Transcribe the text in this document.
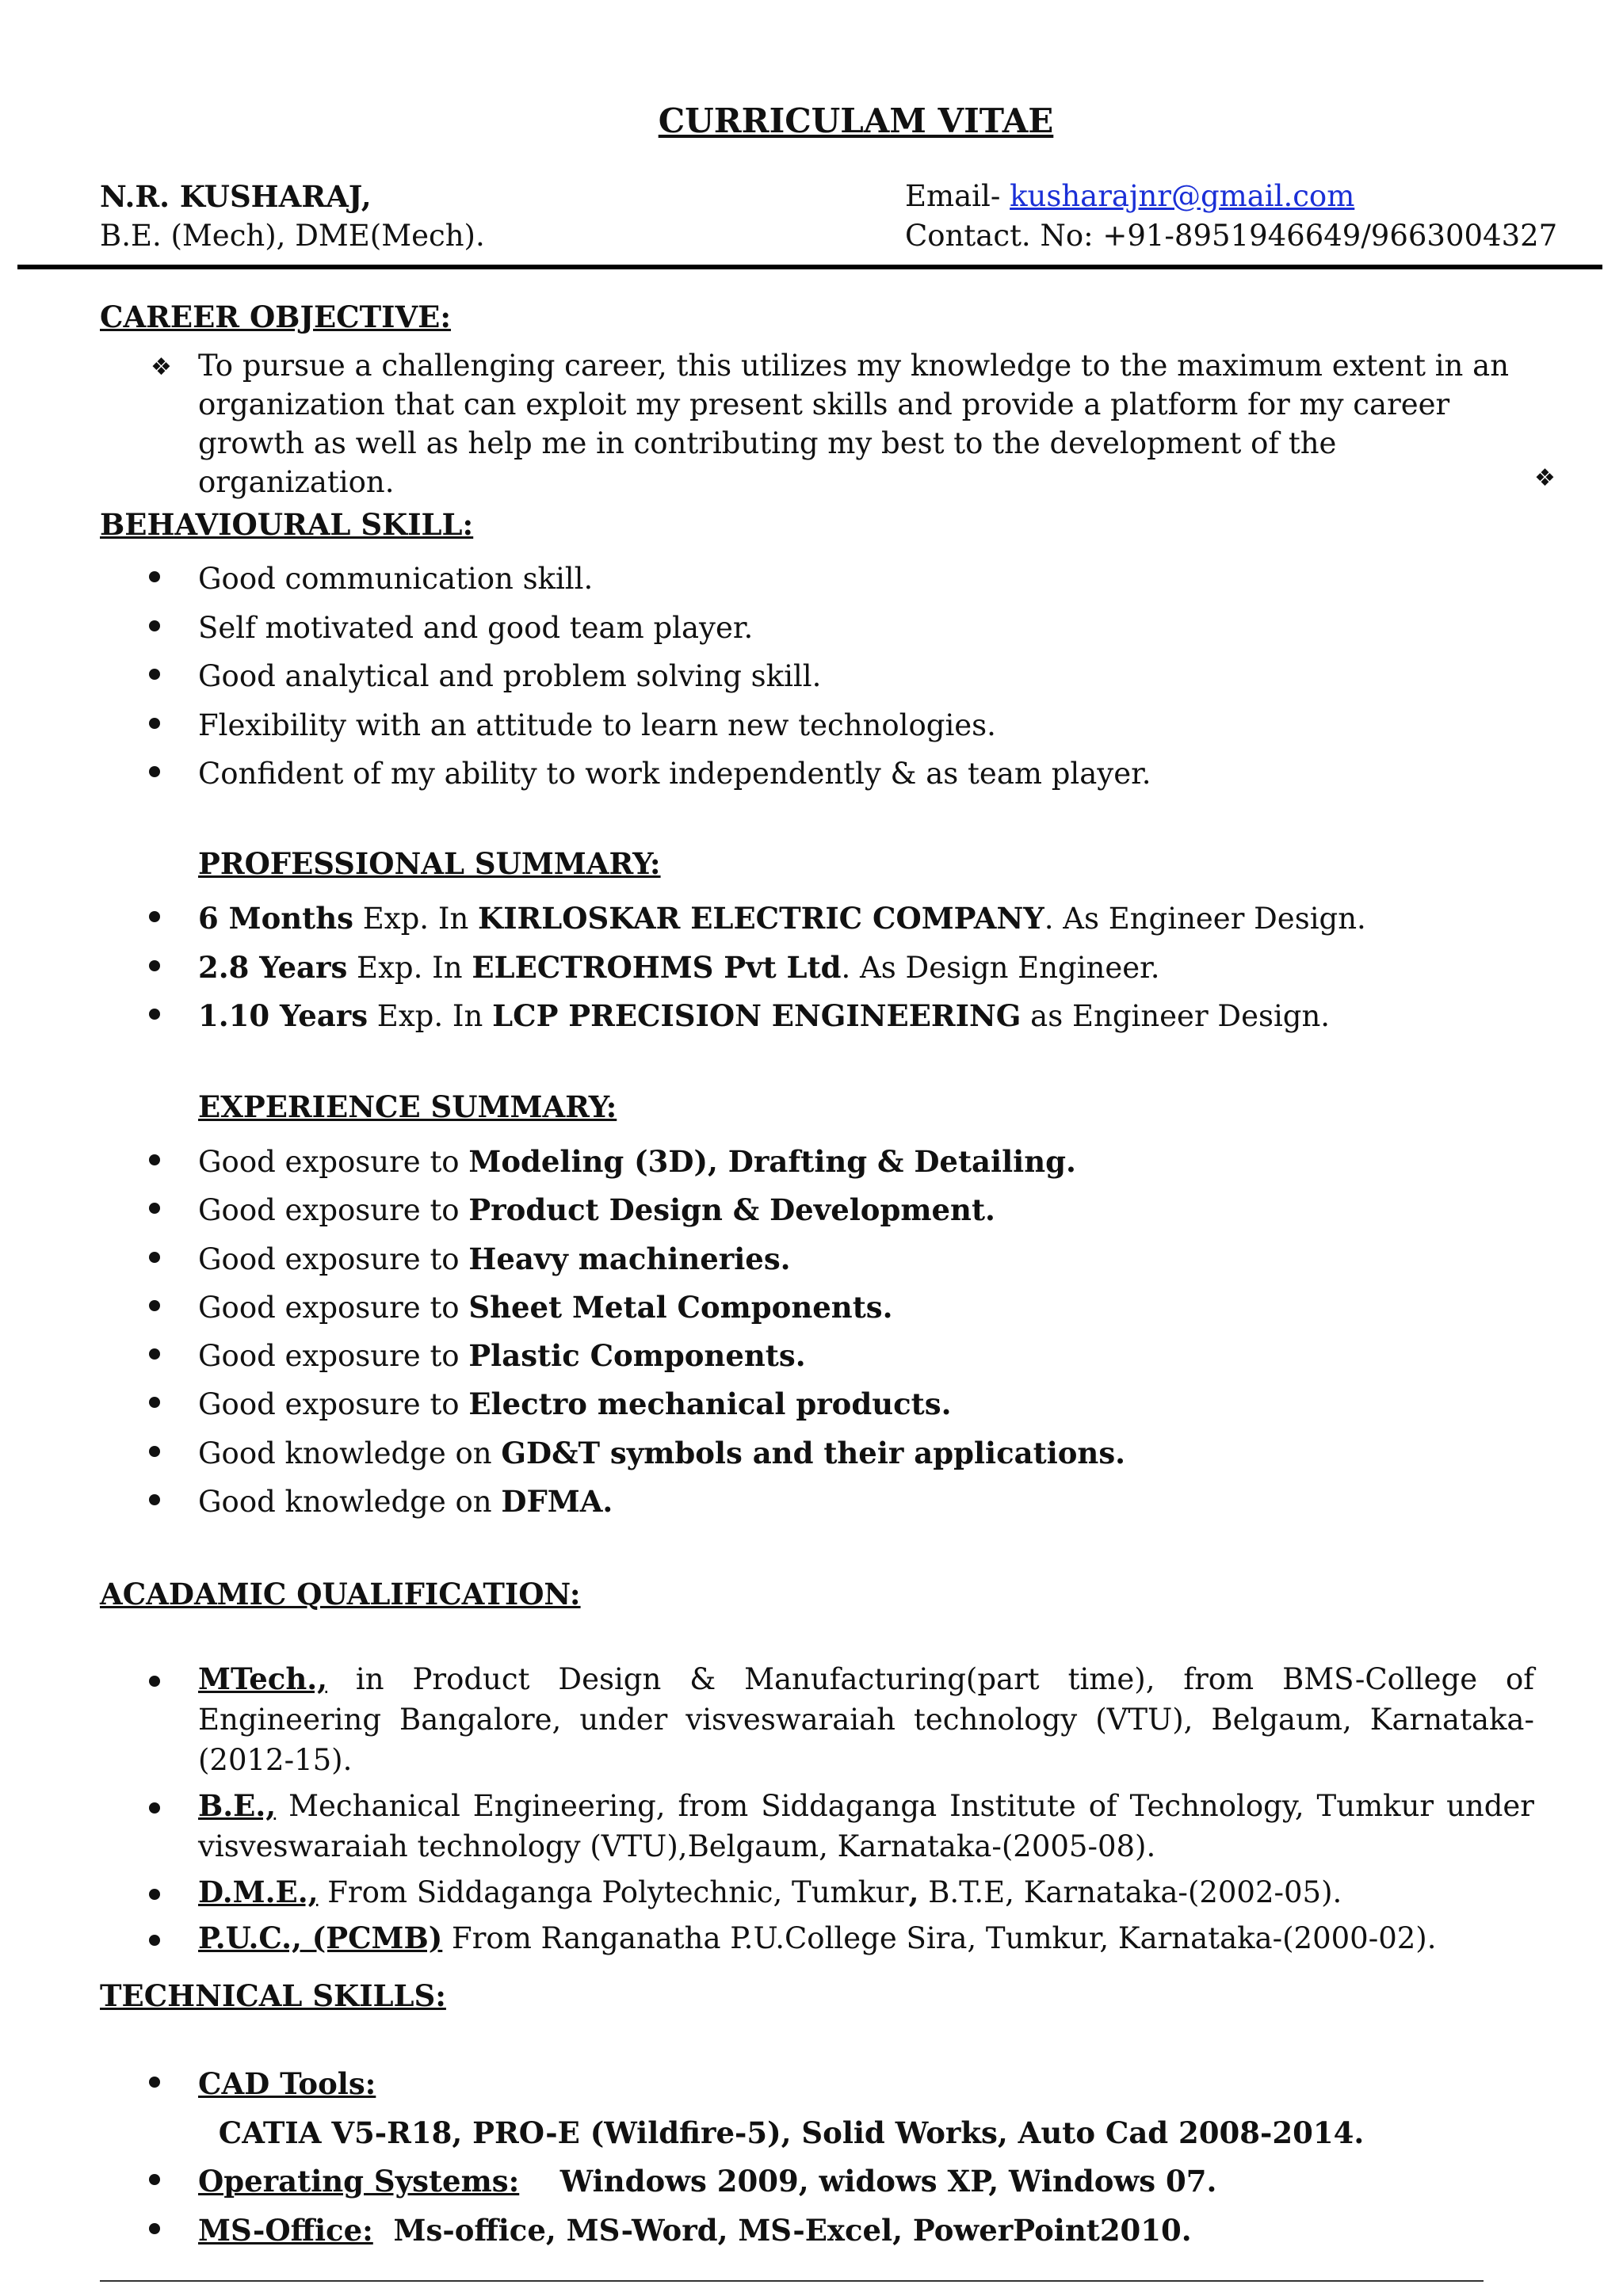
CURRICULAM VITAE
N.R. KUSHARAJ,
B.E. (Mech), DME(Mech).
Email- kusharajnr@gmail.com
Contact. No: +91-8951946649/9663004327
CAREER OBJECTIVE:
❖ To pursue a challenging career, this utilizes my knowledge to the maximum extent in an organization that can exploit my present skills and provide a platform for my career growth as well as help me in contributing my best to the development of the organization.	❖
BEHAVIOURAL SKILL:
Good communication skill.
Self motivated and good team player.
Good analytical and problem solving skill.
Flexibility with an attitude to learn new technologies.
Confident of my ability to work independently & as team player.
PROFESSIONAL SUMMARY:
6 Months Exp. In KIRLOSKAR ELECTRIC COMPANY. As Engineer Design.
2.8 Years Exp. In ELECTROHMS Pvt Ltd. As Design Engineer.
1.10 Years Exp. In LCP PRECISION ENGINEERING as Engineer Design.
EXPERIENCE SUMMARY:
Good exposure to Modeling (3D), Drafting & Detailing.
Good exposure to Product Design & Development.
Good exposure to Heavy machineries.
Good exposure to Sheet Metal Components.
Good exposure to Plastic Components.
Good exposure to Electro mechanical products.
Good knowledge on GD&T symbols and their applications.
Good knowledge on DFMA.
ACADAMIC QUALIFICATION:
MTech., in Product Design & Manufacturing(part time), from BMS-College of Engineering Bangalore, under visveswaraiah technology (VTU), Belgaum, Karnataka- (2012-15).
B.E., Mechanical Engineering, from Siddaganga Institute of Technology, Tumkur under visveswaraiah technology (VTU),Belgaum, Karnataka-(2005-08).
D.M.E., From Siddaganga Polytechnic, Tumkur, B.T.E, Karnataka-(2002-05).
P.U.C., (PCMB) From Ranganatha P.U.College Sira, Tumkur, Karnataka-(2000-02).
TECHNICAL SKILLS:
CAD Tools:  CATIA V5-R18, PRO-E (Wildfire-5), Solid Works, Auto Cad 2008-2014.
Operating Systems:    Windows 2009, widows XP, Windows 07.
MS-Office:  Ms-office, MS-Word, MS-Excel, PowerPoint2010.
